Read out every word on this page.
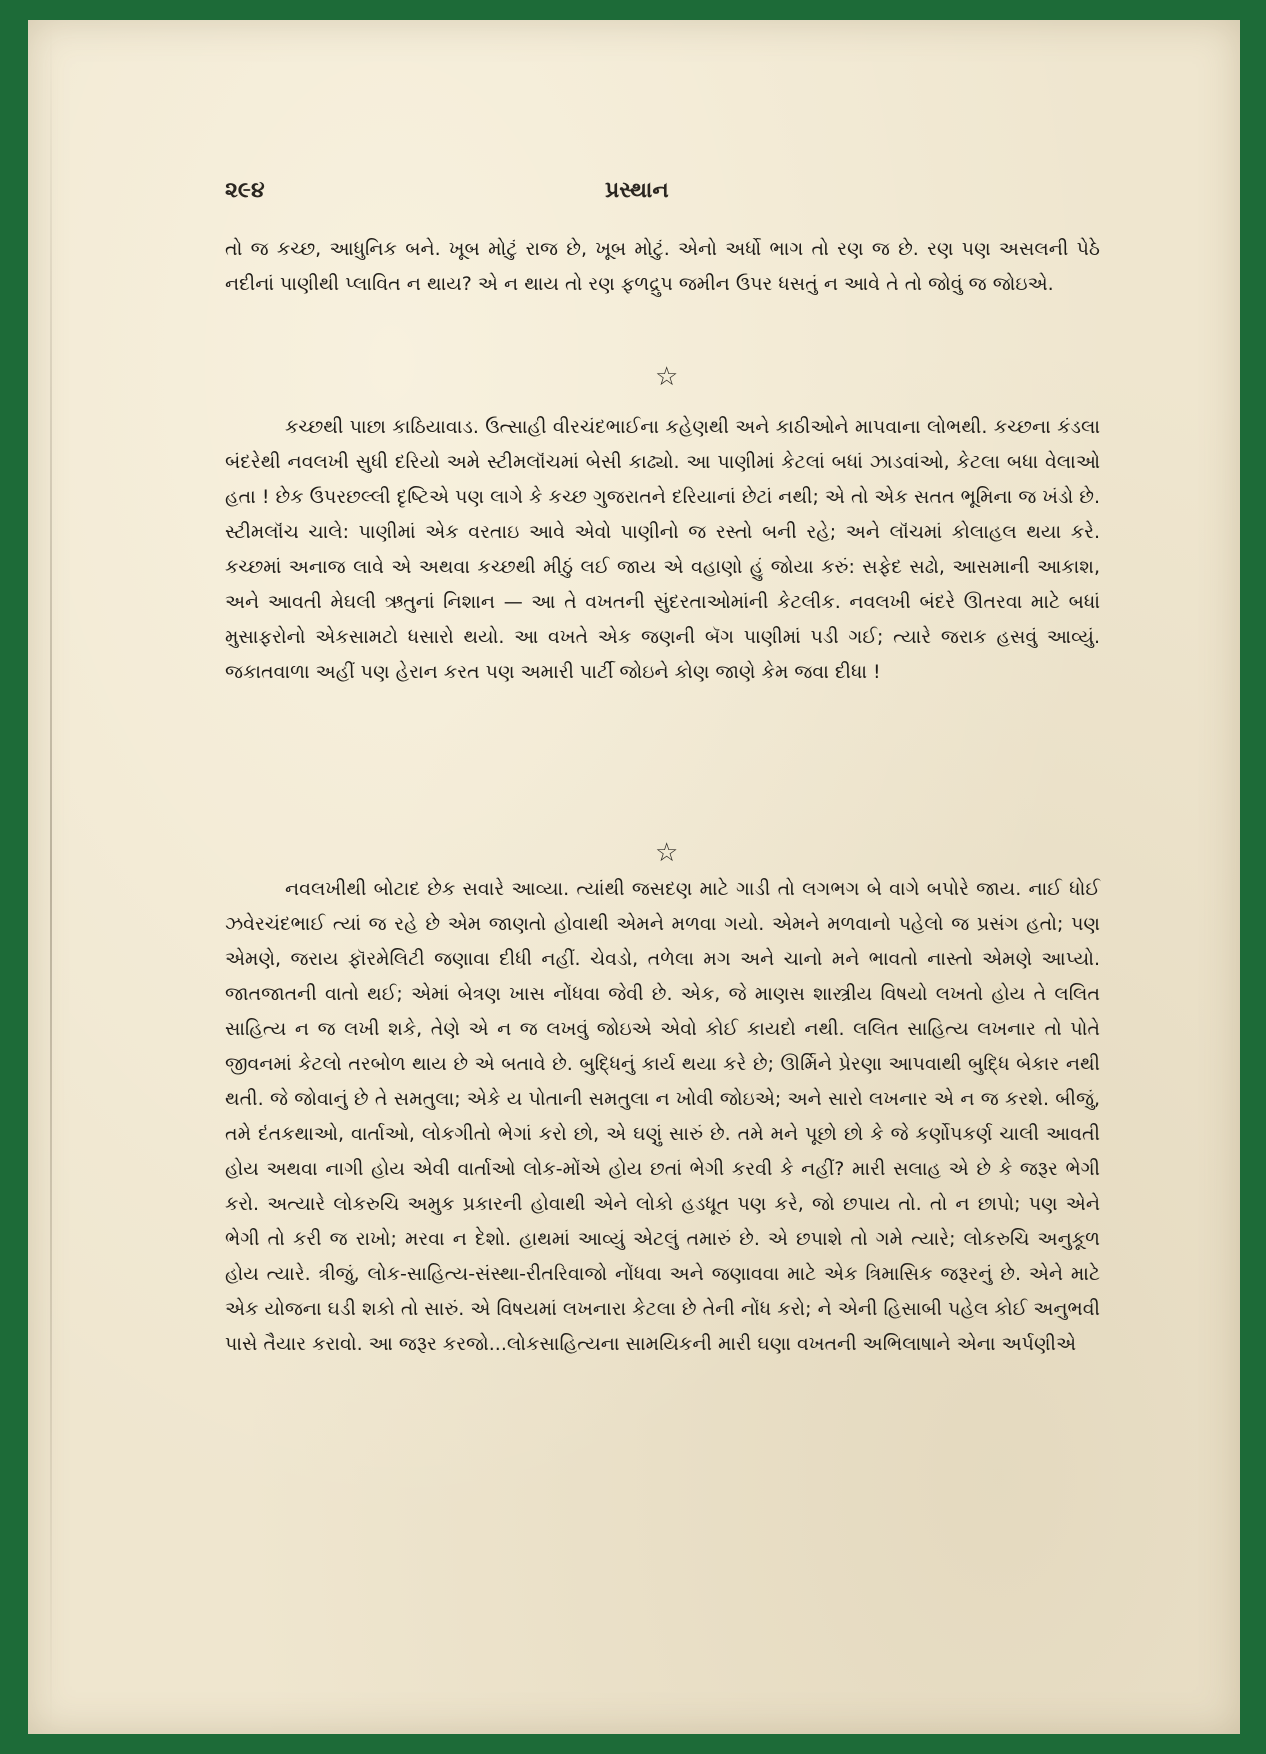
૨૯૪	પ્રસ્થાન

તો જ કચ્છ, આધુનિક બને. ખૂબ મોટું રાજ છે, ખૂબ મોટું. એનો અર્ધો ભાગ તો રણ જ છે. રણ પણ અસલની પેઠે નદીનાં પાણીથી પ્લાવિત ન થાય? એ ન થાય તો રણ ફળદ્રુપ જમીન ઉપર ધસતું ન આવે તે તો જોવું જ જોઇએ.

☆

કચ્છથી પાછા કાઠિયાવાડ. ઉત્સાહી વીરચંદભાઈના કહેણથી અને કાઠીઓને માપવાના લોભથી. કચ્છના કંડલા બંદરેથી નવલખી સુધી દરિયો અમે સ્ટીમલૉંચમાં બેસી કાઢ્યો. આ પાણીમાં કેટલાં બધાં ઝાડવાંઓ, કેટલા બધા વેલાઓ હતા ! છેક ઉપરછલ્લી દૃષ્ટિએ પણ લાગે કે કચ્છ ગુજરાતને દરિયાનાં છેટાં નથી; એ તો એક સતત ભૂમિના જ ખંડો છે. સ્ટીમલૉંચ ચાલે: પાણીમાં એક વરતાઇ આવે એવો પાણીનો જ રસ્તો બની રહે; અને લૉંચમાં કોલાહલ થયા કરે. કચ્છમાં અનાજ લાવે એ અથવા કચ્છથી મીઠું લઈ જાય એ વહાણો હું જોયા કરું: સફેદ સઢો, આસમાની આકાશ, અને આવતી મેઘલી ઋતુનાં નિશાન — આ તે વખતની સુંદરતાઓમાંની કેટલીક. નવલખી બંદરે ઊતરવા માટે બધાં મુસાફરોનો એકસામટો ધસારો થયો. આ વખતે એક જણની બૅગ પાણીમાં પડી ગઈ; ત્યારે જરાક હસવું આવ્યું. જકાતવાળા અહીં પણ હેરાન કરત પણ અમારી પાર્ટી જોઇને કોણ જાણે કેમ જવા દીધા !

☆

નવલખીથી બોટાદ છેક સવારે આવ્યા. ત્યાંથી જસદણ માટે ગાડી તો લગભગ બે વાગે બપોરે જાય. નાઈ ધોઈ ઝવેરચંદભાઈ ત્યાં જ રહે છે એમ જાણતો હોવાથી એમને મળવા ગયો. એમને મળવાનો પહેલો જ પ્રસંગ હતો; પણ એમણે, જરાય ફૉરમેલિટી જણાવા દીધી નહીં. ચેવડો, તળેલા મગ અને ચાનો મને ભાવતો નાસ્તો એમણે આપ્યો. જાતજાતની વાતો થઈ; એમાં બેત્રણ ખાસ નોંધવા જેવી છે. એક, જે માણસ શાસ્ત્રીય વિષયો લખતો હોય તે લલિત સાહિત્ય ન જ લખી શકે, તેણે એ ન જ લખવું જોઇએ એવો કોઈ કાયદો નથી. લલિત સાહિત્ય લખનાર તો પોતે જીવનમાં કેટલો તરબોળ થાય છે એ બતાવે છે. બુદ્ધિનું કાર્ય થયા કરે છે; ઊર્મિને પ્રેરણા આપવાથી બુદ્ધિ બેકાર નથી થતી. જે જોવાનું છે તે સમતુલા; એકે ય પોતાની સમતુલા ન ખોવી જોઇએ; અને સારો લખનાર એ ન જ કરશે. બીજું, તમે દંતકથાઓ, વાર્તાઓ, લોકગીતો ભેગાં કરો છો, એ ઘણું સારું છે. તમે મને પૂછો છો કે જે કર્ણોપકર્ણ ચાલી આવતી હોય અથવા નાગી હોય એવી વાર્તાઓ લોક-મોંએ હોય છતાં ભેગી કરવી કે નહીં? મારી સલાહ એ છે કે જરૂર ભેગી કરો. અત્યારે લોકરુચિ અમુક પ્રકારની હોવાથી એને લોકો હડધૂત પણ કરે, જો છપાય તો. તો ન છાપો; પણ એને ભેગી તો કરી જ રાખો; મરવા ન દેશો. હાથમાં આવ્યું એટલું તમારું છે. એ છપાશે તો ગમે ત્યારે; લોકરુચિ અનુકૂળ હોય ત્યારે. ત્રીજું, લોક-સાહિત્ય-સંસ્થા-રીતરિવાજો નોંધવા અને જણાવવા માટે એક ત્રિમાસિક જરૂરનું છે. એને માટે એક યોજના ઘડી શકો તો સારું. એ વિષયમાં લખનારા કેટલા છે તેની નોંધ કરો; ને એની હિસાબી પહેલ કોઈ અનુભવી પાસે તૈયાર કરાવો. આ જરૂર કરજો...લોકસાહિત્યના સામયિકની મારી ઘણા વખતની અભિલાષાને એના અર્પણીએ
